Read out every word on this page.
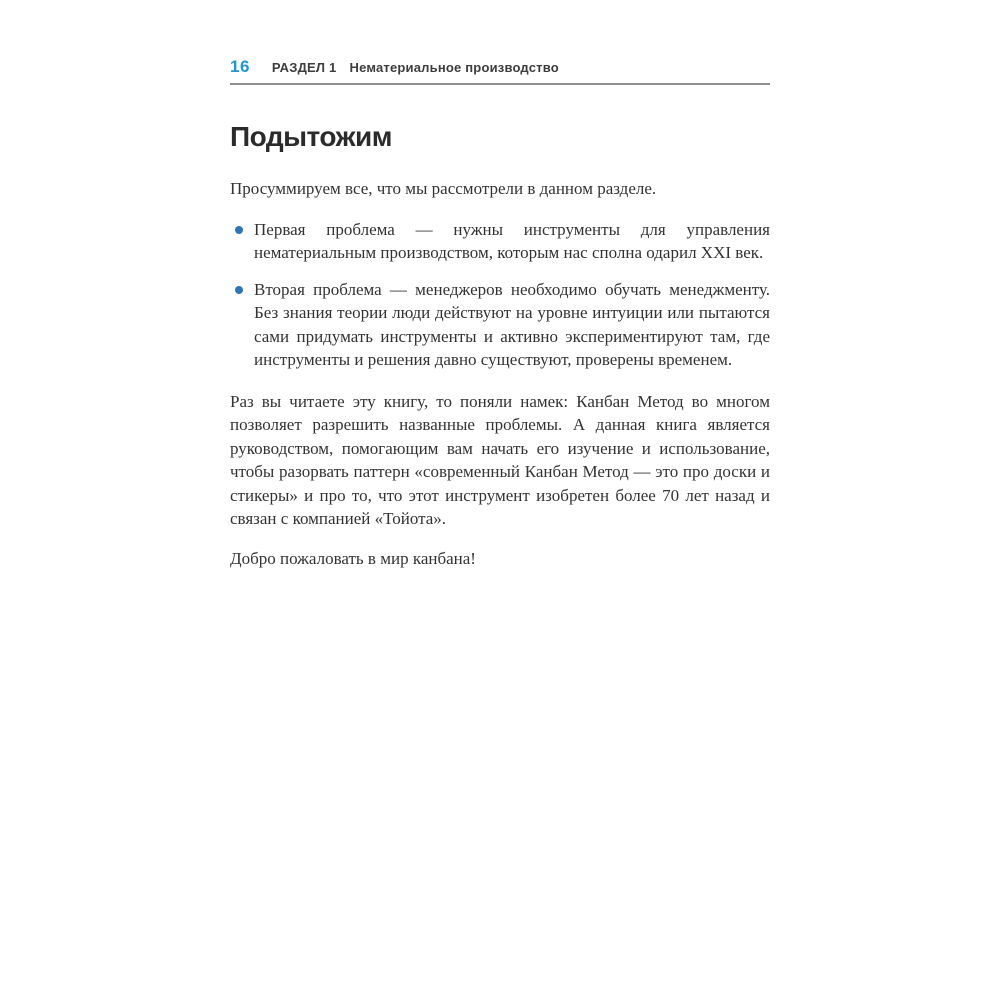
16 РАЗДЕЛ 1 Нематериальное производство
Подытожим

Просуммируем все, что мы рассмотрели в данном разделе.

Первая проблема — нужны инструменты для управления нематериальным производством, которым нас сполна одарил XXI век.
Вторая проблема — менеджеров необходимо обучать менеджменту. Без знания теории люди действуют на уровне интуиции или пытаются сами придумать инструменты и активно экспериментируют там, где инструменты и решения давно существуют, проверены временем.

Раз вы читаете эту книгу, то поняли намек: Канбан Метод во многом позволяет разрешить названные проблемы. А данная книга является руководством, помогающим вам начать его изучение и использование, чтобы разорвать паттерн «современный Канбан Метод — это про доски и стикеры» и про то, что этот инструмент изобретен более 70 лет назад и связан с компанией «Тойота».

Добро пожаловать в мир канбана!
